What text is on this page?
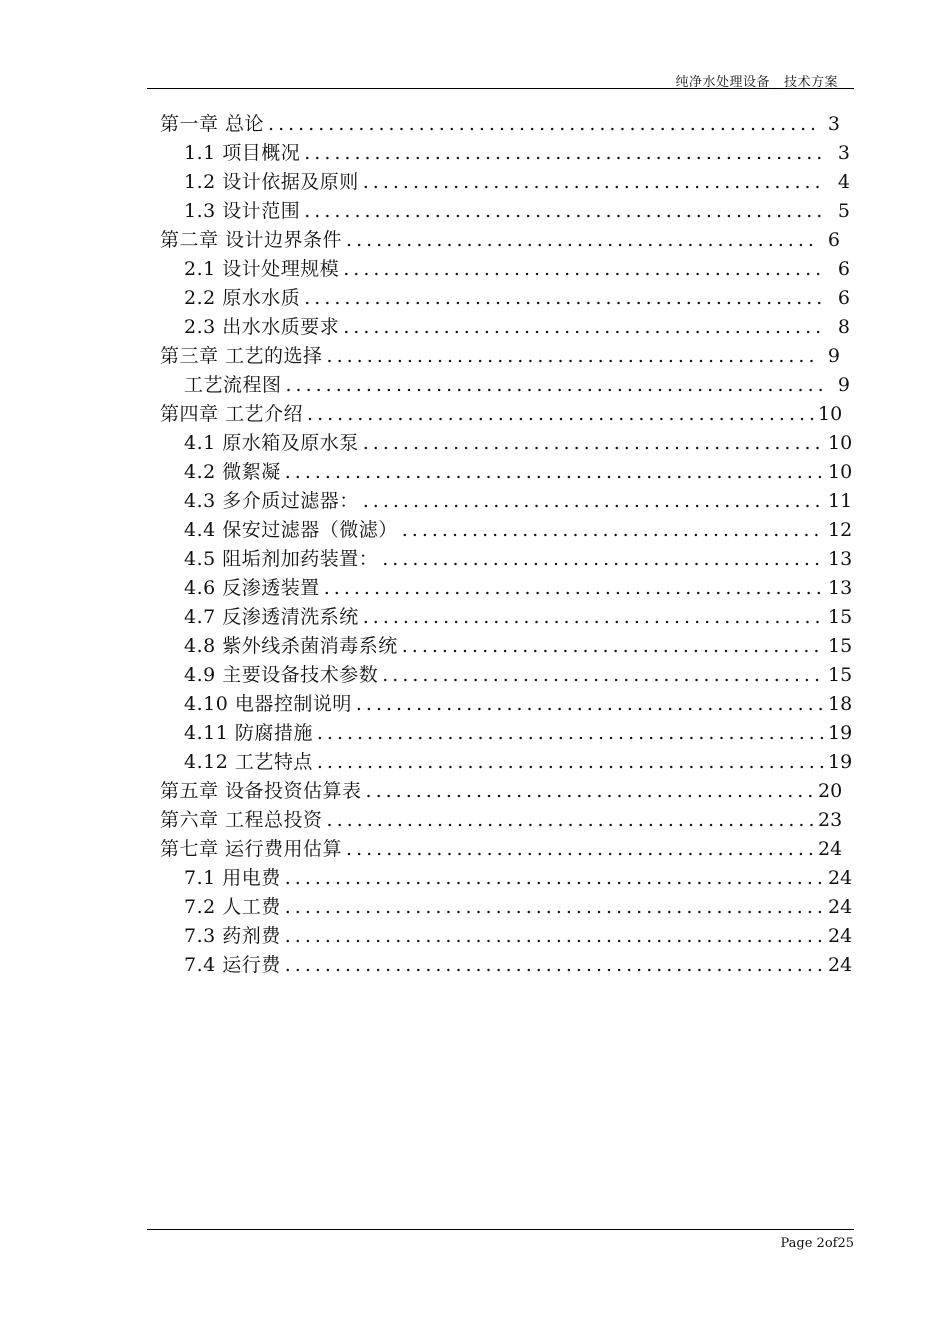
纯净水处理设备__技术方案
第一章 总论 .....	3
1.1 项目概况 .....	3
1.2 设计依据及原则 .....	4
1.3 设计范围 .....	5
第二章 设计边界条件 .....	6
2.1 设计处理规模 .....	6
2.2 原水水质 .....	6
2.3 出水水质要求 .....	8
第三章 工艺的选择 .....	9
工艺流程图 .....	9
第四章 工艺介绍 .....	10
4.1 原水箱及原水泵 .....	10
4.2 微絮凝 .....	10
4.3 多介质过滤器： .....	11
4.4 保安过滤器（微滤） .....	12
4.5 阻垢剂加药装置： .....	13
4.6 反渗透装置 .....	13
4.7 反渗透清洗系统 .....	15
4.8 紫外线杀菌消毒系统 .....	15
4.9 主要设备技术参数 .....	15
4.10 电器控制说明 .....	18
4.11 防腐措施 .....	19
4.12 工艺特点 .....	19
第五章 设备投资估算表 .....	20
第六章 工程总投资 .....	23
第七章 运行费用估算 .....	24
7.1 用电费 .....	24
7.2 人工费 .....	24
7.3 药剂费 .....	24
7.4 运行费 .....	24
Page 2of25
